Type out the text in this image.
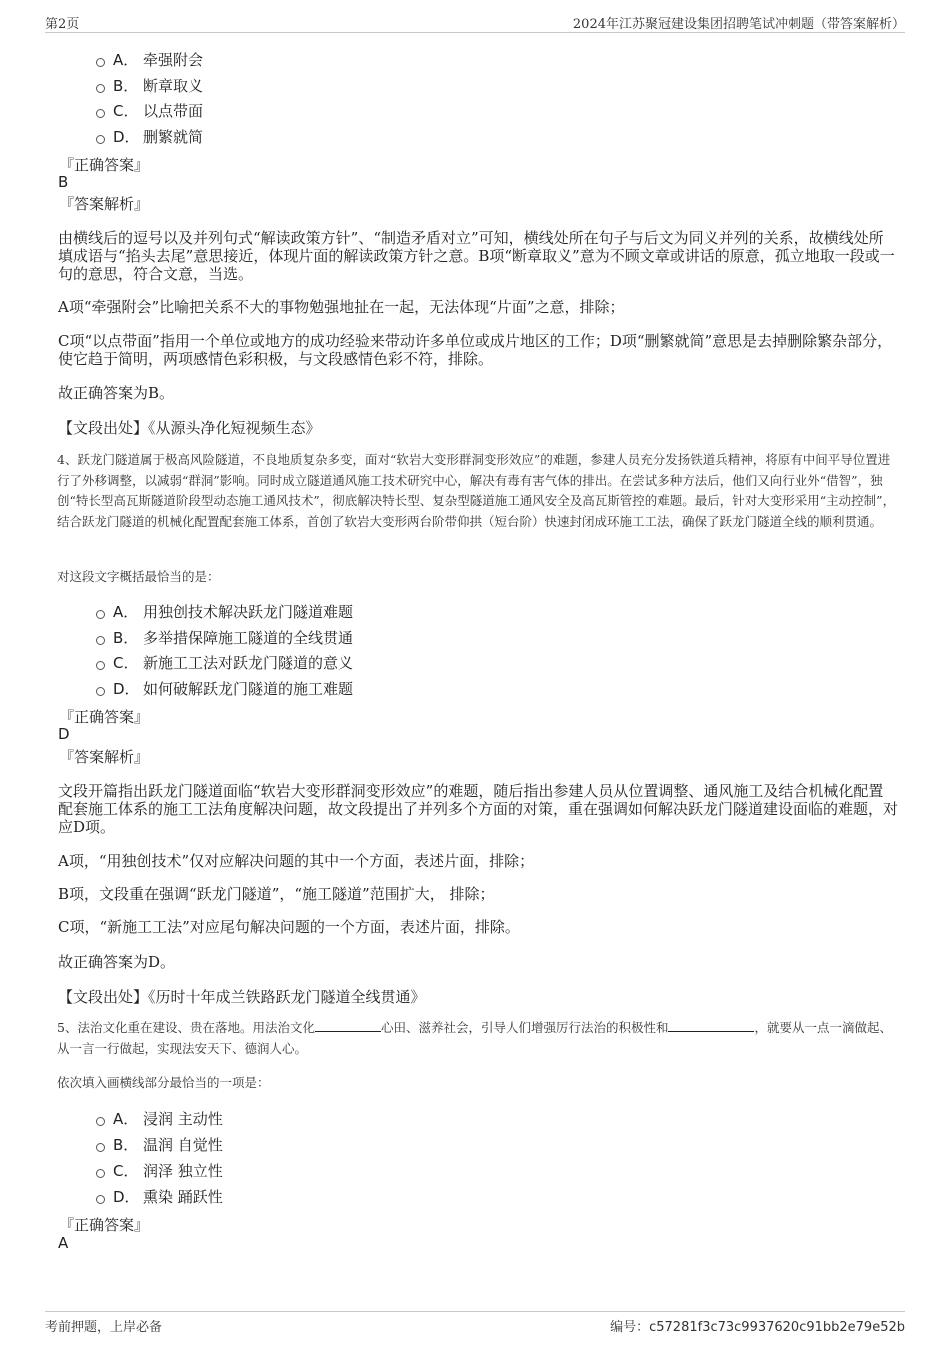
第2页	2024年江苏聚冠建设集团招聘笔试冲刺题（带答案解析）
A． 牵强附会
B． 断章取义
C． 以点带面
D． 删繁就简
『正确答案』
B
『答案解析』
由横线后的逗号以及并列句式“解读政策方针”、“制造矛盾对立”可知，横线处所在句子与后文为同义并列的关系，故横线处所填成语与“掐头去尾”意思接近，体现片面的解读政策方针之意。B项“断章取义”意为不顾文章或讲话的原意，孤立地取一段或一句的意思，符合文意，当选。
A项“牵强附会”比喻把关系不大的事物勉强地扯在一起，无法体现“片面”之意，排除；
C项“以点带面”指用一个单位或地方的成功经验来带动许多单位或成片地区的工作；D项“删繁就简”意思是去掉删除繁杂部分，使它趋于简明，两项感情色彩积极，与文段感情色彩不符，排除。
故正确答案为B。
【文段出处】《从源头净化短视频生态》
4、跃龙门隧道属于极高风险隧道，不良地质复杂多变，面对“软岩大变形群洞变形效应”的难题，参建人员充分发扬铁道兵精神，将原有中间平导位置进行了外移调整，以减弱“群洞”影响。同时成立隧道通风施工技术研究中心，解决有毒有害气体的排出。在尝试多种方法后，他们又向行业外“借智”，独创“特长型高瓦斯隧道阶段型动态施工通风技术”，彻底解决特长型、复杂型隧道施工通风安全及高瓦斯管控的难题。最后，针对大变形采用“主动控制”，结合跃龙门隧道的机械化配置配套施工体系，首创了软岩大变形两台阶带仰拱（短台阶）快速封闭成环施工工法，确保了跃龙门隧道全线的顺利贯通。
对这段文字概括最恰当的是：
A． 用独创技术解决跃龙门隧道难题
B． 多举措保障施工隧道的全线贯通
C． 新施工工法对跃龙门隧道的意义
D． 如何破解跃龙门隧道的施工难题
『正确答案』
D
『答案解析』
文段开篇指出跃龙门隧道面临“软岩大变形群洞变形效应”的难题，随后指出参建人员从位置调整、通风施工及结合机械化配置配套施工体系的施工工法角度解决问题，故文段提出了并列多个方面的对策，重在强调如何解决跃龙门隧道建设面临的难题，对应D项。
A项，“用独创技术”仅对应解决问题的其中一个方面，表述片面，排除；
B项，文段重在强调“跃龙门隧道”，“施工隧道”范围扩大， 排除；
C项，“新施工工法”对应尾句解决问题的一个方面，表述片面，排除。
故正确答案为D。
【文段出处】《历时十年成兰铁路跃龙门隧道全线贯通》
5、法治文化重在建设、贵在落地。用法治文化	心田、滋养社会，引导人们增强厉行法治的积极性和	，就要从一点一滴做起、从一言一行做起，实现法安天下、德润人心。
依次填入画横线部分最恰当的一项是：
A． 浸润 主动性
B． 温润 自觉性
C． 润泽 独立性
D． 熏染 踊跃性
『正确答案』
A
考前押题，上岸必备	编号：c57281f3c73c9937620c91bb2e79e52b
